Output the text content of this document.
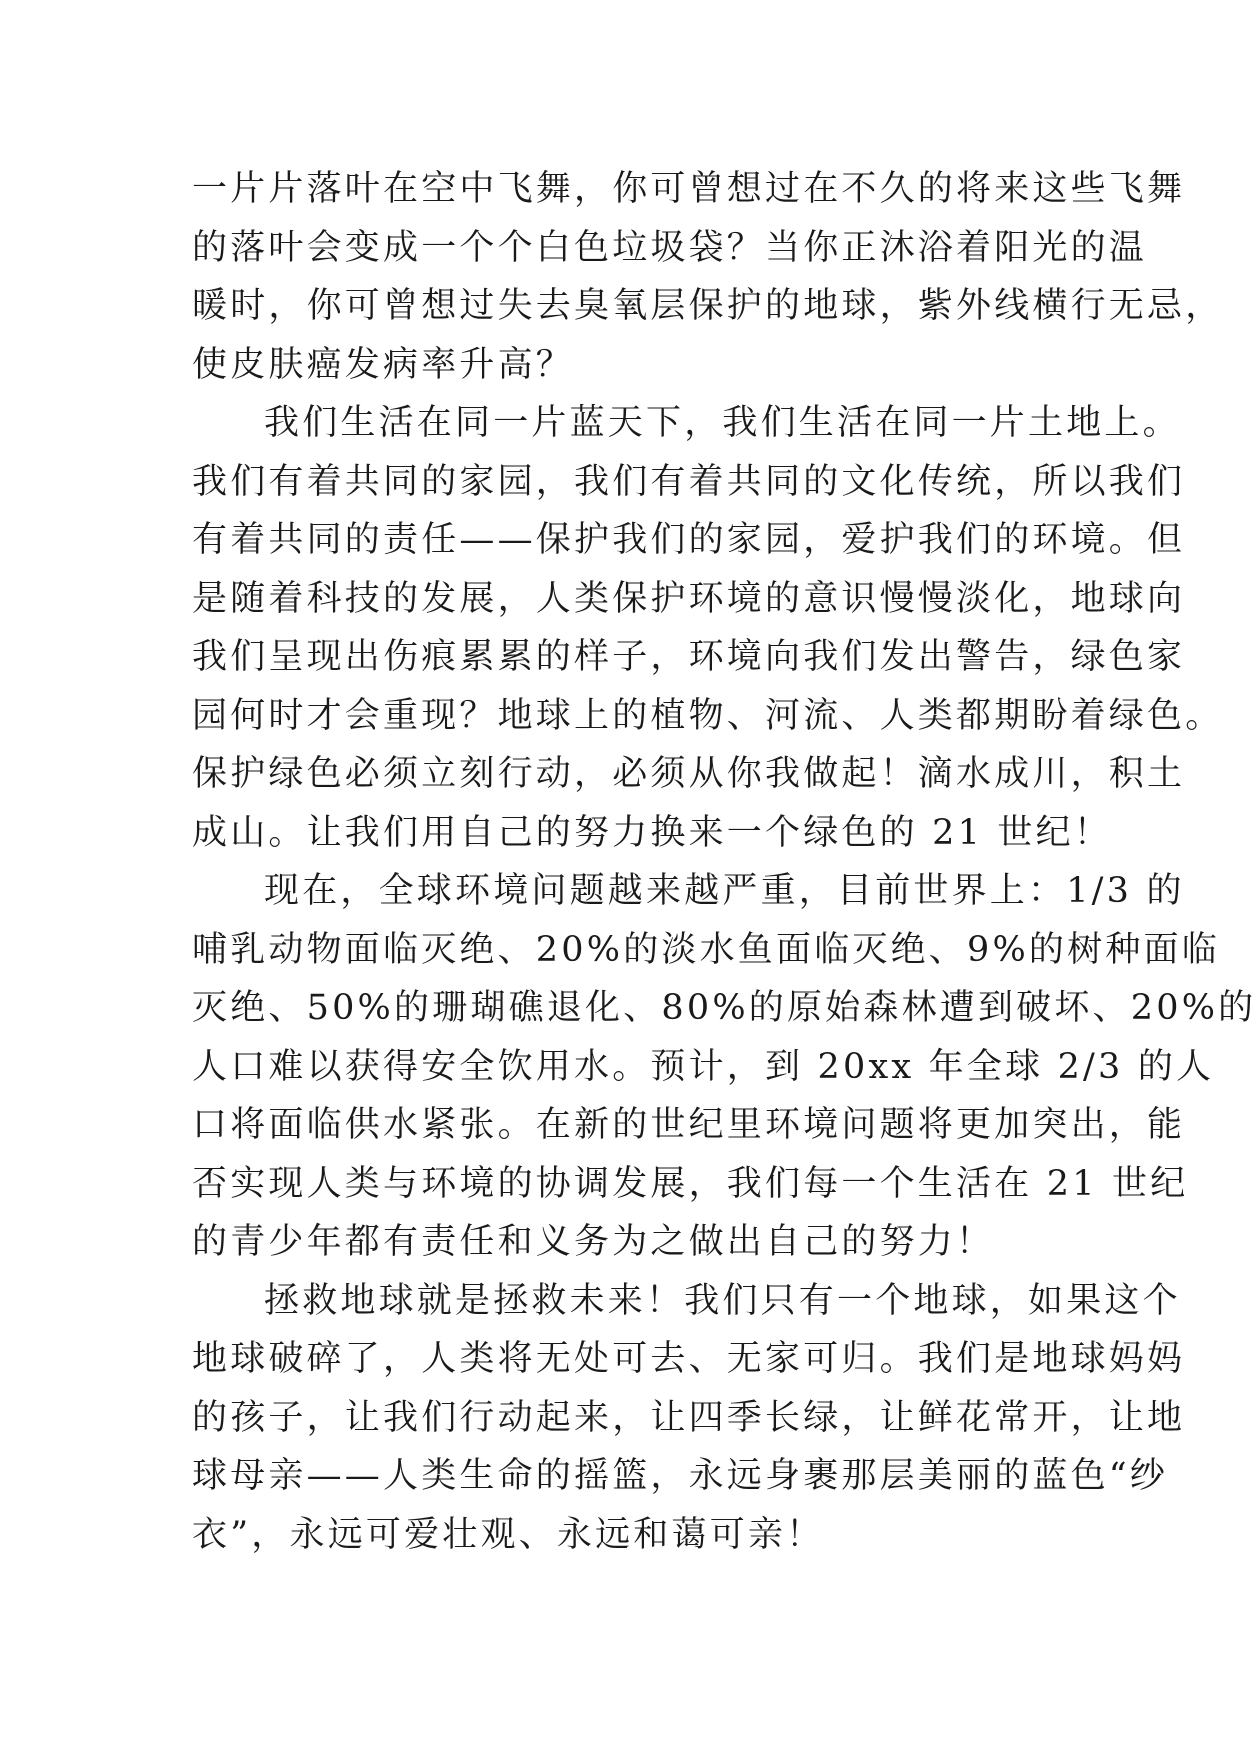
一片片落叶在空中飞舞，你可曾想过在不久的将来这些飞舞
的落叶会变成一个个白色垃圾袋？当你正沐浴着阳光的温
暖时，你可曾想过失去臭氧层保护的地球，紫外线横行无忌，
使皮肤癌发病率升高？
我们生活在同一片蓝天下，我们生活在同一片土地上。
我们有着共同的家园，我们有着共同的文化传统，所以我们
有着共同的责任——保护我们的家园，爱护我们的环境。但
是随着科技的发展，人类保护环境的意识慢慢淡化，地球向
我们呈现出伤痕累累的样子，环境向我们发出警告，绿色家
园何时才会重现？地球上的植物、河流、人类都期盼着绿色。
保护绿色必须立刻行动，必须从你我做起！滴水成川，积土
成山。让我们用自己的努力换来一个绿色的 21 世纪！
现在，全球环境问题越来越严重，目前世界上：1/3 的
哺乳动物面临灭绝、20%的淡水鱼面临灭绝、9%的树种面临
灭绝、50%的珊瑚礁退化、80%的原始森林遭到破坏、20%的
人口难以获得安全饮用水。预计，到 20xx 年全球 2/3 的人
口将面临供水紧张。在新的世纪里环境问题将更加突出，能
否实现人类与环境的协调发展，我们每一个生活在 21 世纪
的青少年都有责任和义务为之做出自己的努力！
拯救地球就是拯救未来！我们只有一个地球，如果这个
地球破碎了，人类将无处可去、无家可归。我们是地球妈妈
的孩子，让我们行动起来，让四季长绿，让鲜花常开，让地
球母亲——人类生命的摇篮，永远身裹那层美丽的蓝色“纱
衣”，永远可爱壮观、永远和蔼可亲！
